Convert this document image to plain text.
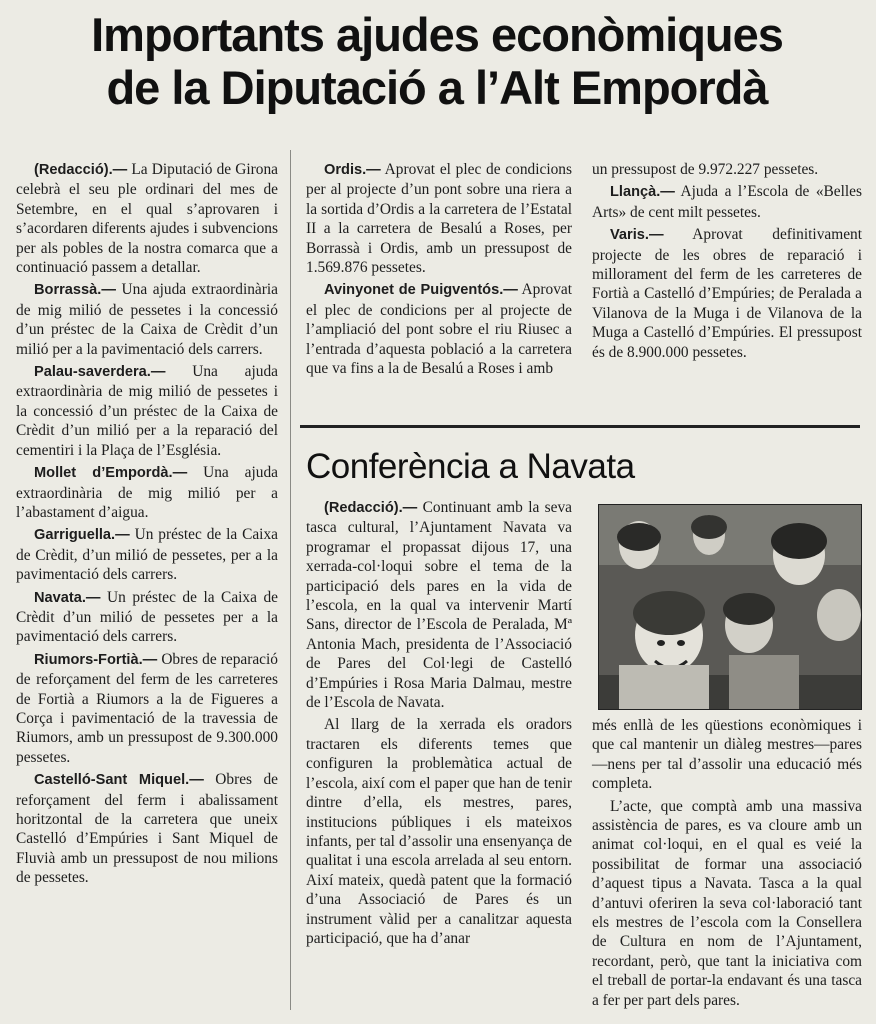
Importants ajudes econòmiques
de la Diputació a l’Alt Empordà

(Redacció).— La Diputació de Girona celebrà el seu ple ordinari del mes de Setembre, en el qual s’aprovaren i s’acordaren diferents ajudes i subvencions per als pobles de la nostra comarca que a continuació passem a detallar.

Borrassà.— Una ajuda extraordinària de mig milió de pessetes i la concessió d’un préstec de la Caixa de Crèdit d’un milió per a la pavimentació dels carrers.

Palau-saverdera.— Una ajuda extraordinària de mig milió de pessetes i la concessió d’un préstec de la Caixa de Crèdit d’un milió per a la reparació del cementiri i la Plaça de l’Església.

Mollet d’Empordà.— Una ajuda extraordinària de mig milió per a l’abastament d’aigua.

Garriguella.— Un préstec de la Caixa de Crèdit, d’un milió de pessetes, per a la pavimentació dels carrers.

Navata.— Un préstec de la Caixa de Crèdit d’un milió de pessetes per a la pavimentació dels carrers.

Riumors-Fortià.— Obres de reparació de reforçament del ferm de les carreteres de Fortià a Riumors a la de Figueres a Corça i pavimentació de la travessia de Riumors, amb un pressupost de 9.300.000 pessetes.

Castelló-Sant Miquel.— Obres de reforçament del ferm i abalissament horitzontal de la carretera que uneix Castelló d’Empúries i Sant Miquel de Fluvià amb un pressupost de nou milions de pessetes.

Ordis.— Aprovat el plec de condicions per al projecte d’un pont sobre una riera a la sortida d’Ordis a la carretera de l’Estatal II a la carretera de Besalú a Roses, per Borrassà i Ordis, amb un pressupost de 1.569.876 pessetes.

Avinyonet de Puigventós.— Aprovat el plec de condicions per al projecte de l’ampliació del pont sobre el riu Riusec a l’entrada d’aquesta població a la carretera que va fins a la de Besalú a Roses i amb

un pressupost de 9.972.227 pessetes.

Llançà.— Ajuda a l’Escola de «Belles Arts» de cent milt pessetes.

Varis.— Aprovat definitivament projecte de les obres de reparació i millorament del ferm de les carreteres de Fortià a Castelló d’Empúries; de Peralada a Vilanova de la Muga i de Vilanova de la Muga a Castelló d’Empúries. El pressupost és de 8.900.000 pessetes.

Conferència a Navata

(Redacció).— Continuant amb la seva tasca cultural, l’Ajuntament Navata va programar el propassat dijous 17, una xerrada-col·loqui sobre el tema de la participació dels pares en la vida de l’escola, en la qual va intervenir Martí Sans, director de l’Escola de Peralada, Mª Antonia Mach, presidenta de l’Associació de Pares del Col·legi de Castelló d’Empúries i Rosa Maria Dalmau, mestre de l’Escola de Navata.

Al llarg de la xerrada els oradors tractaren els diferents temes que configuren la problemàtica actual de l’escola, així com el paper que han de tenir dintre d’ella, els mestres, pares, institucions públiques i els mateixos infants, per tal d’assolir una ensenyança de qualitat i una escola arrelada al seu entorn. Així mateix, quedà patent que la formació d’una Associació de Pares és un instrument vàlid per a canalitzar aquesta participació, que ha d’anar

més enllà de les qüestions econòmiques i que cal mantenir un diàleg mestres—pares—nens per tal d’assolir una educació més completa.

L’acte, que comptà amb una massiva assistència de pares, es va cloure amb un animat col·loqui, en el qual es veié la possibilitat de formar una associació d’aquest tipus a Navata. Tasca a la qual d’antuvi oferiren la seva col·laboració tant els mestres de l’escola com la Consellera de Cultura en nom de l’Ajuntament, recordant, però, que tant la iniciativa com el treball de portar-la endavant és una tasca a fer per part dels pares.
